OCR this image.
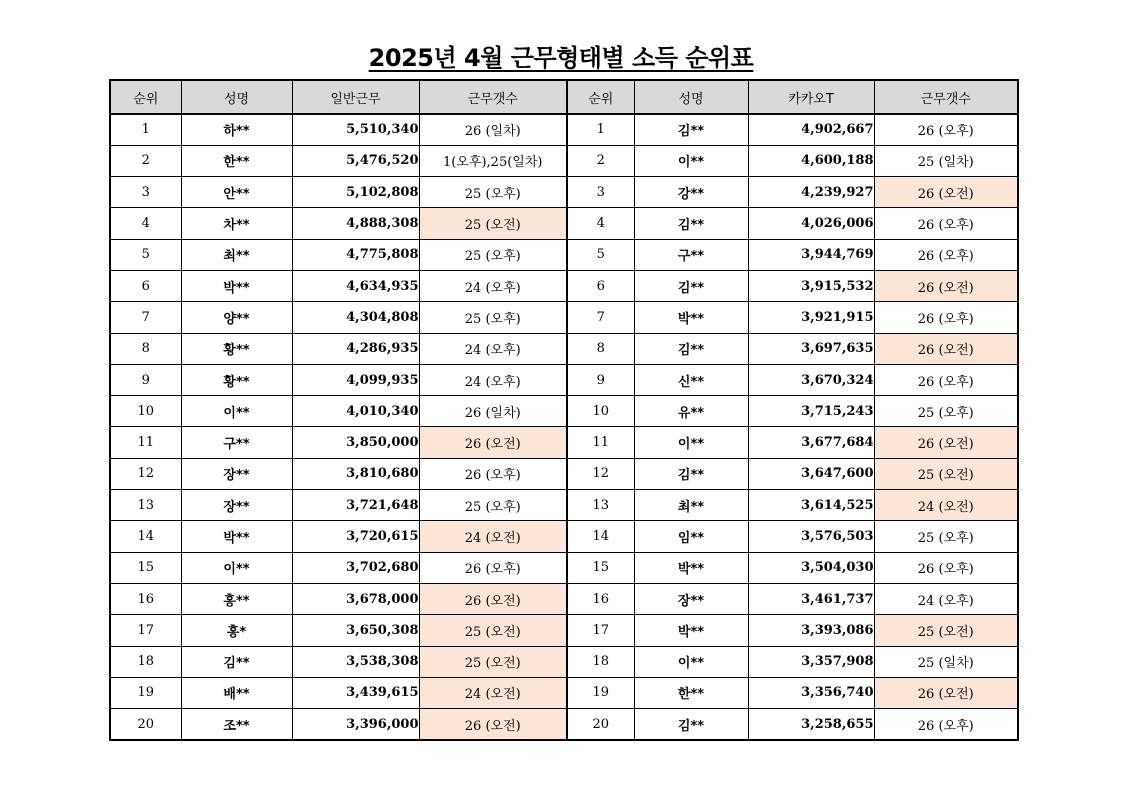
2025년 4월 근무형태별 소득 순위표
순위	성명	일반근무	근무갯수	순위	성명	카카오T	근무갯수
1	하**	5,510,340	26 (일차)	1	김**	4,902,667	26 (오후)
2	한**	5,476,520	1(오후),25(일차)	2	이**	4,600,188	25 (일차)
3	안**	5,102,808	25 (오후)	3	강**	4,239,927	26 (오전)
4	차**	4,888,308	25 (오전)	4	김**	4,026,006	26 (오후)
5	최**	4,775,808	25 (오후)	5	구**	3,944,769	26 (오후)
6	박**	4,634,935	24 (오후)	6	김**	3,915,532	26 (오전)
7	양**	4,304,808	25 (오후)	7	박**	3,921,915	26 (오후)
8	황**	4,286,935	24 (오후)	8	김**	3,697,635	26 (오전)
9	황**	4,099,935	24 (오후)	9	신**	3,670,324	26 (오후)
10	이**	4,010,340	26 (일차)	10	유**	3,715,243	25 (오후)
11	구**	3,850,000	26 (오전)	11	이**	3,677,684	26 (오전)
12	장**	3,810,680	26 (오후)	12	김**	3,647,600	25 (오전)
13	장**	3,721,648	25 (오후)	13	최**	3,614,525	24 (오전)
14	박**	3,720,615	24 (오전)	14	임**	3,576,503	25 (오후)
15	이**	3,702,680	26 (오후)	15	박**	3,504,030	26 (오후)
16	홍**	3,678,000	26 (오전)	16	장**	3,461,737	24 (오후)
17	홍*	3,650,308	25 (오전)	17	박**	3,393,086	25 (오전)
18	김**	3,538,308	25 (오전)	18	이**	3,357,908	25 (일차)
19	배**	3,439,615	24 (오전)	19	한**	3,356,740	26 (오전)
20	조**	3,396,000	26 (오전)	20	김**	3,258,655	26 (오후)
